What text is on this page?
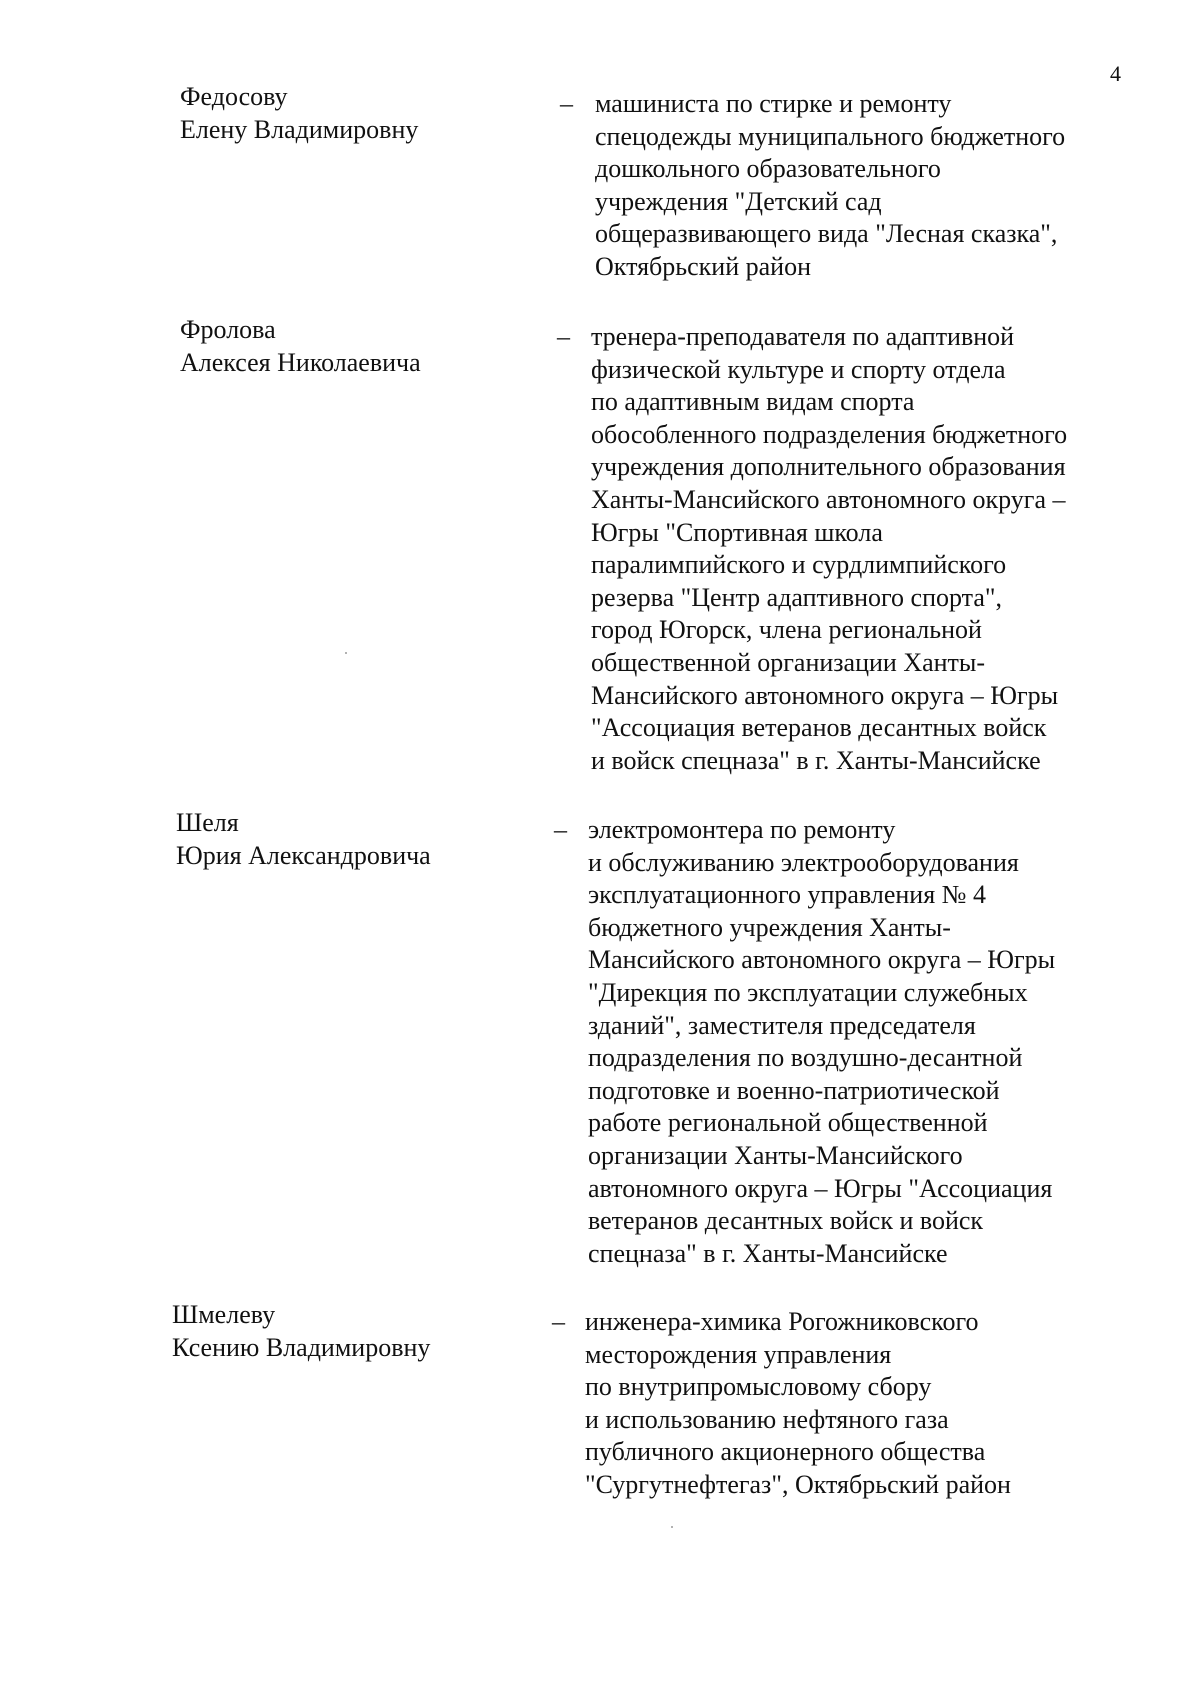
4
Федосову
Елену Владимировну
– машиниста по стирке и ремонту
спецодежды муниципального бюджетного
дошкольного образовательного
учреждения "Детский сад
общеразвивающего вида "Лесная сказка",
Октябрьский район
Фролова
Алексея Николаевича
– тренера-преподавателя по адаптивной
физической культуре и спорту отдела
по адаптивным видам спорта
обособленного подразделения бюджетного
учреждения дополнительного образования
Ханты-Мансийского автономного округа –
Югры "Спортивная школа
паралимпийского и сурдлимпийского
резерва "Центр адаптивного спорта",
город Югорск, члена региональной
общественной организации Ханты-
Мансийского автономного округа – Югры
"Ассоциация ветеранов десантных войск
и войск спецназа" в г. Ханты-Мансийске
Шеля
Юрия Александровича
– электромонтера по ремонту
и обслуживанию электрооборудования
эксплуатационного управления № 4
бюджетного учреждения Ханты-
Мансийского автономного округа – Югры
"Дирекция по эксплуатации служебных
зданий", заместителя председателя
подразделения по воздушно-десантной
подготовке и военно-патриотической
работе региональной общественной
организации Ханты-Мансийского
автономного округа – Югры "Ассоциация
ветеранов десантных войск и войск
спецназа" в г. Ханты-Мансийске
Шмелеву
Ксению Владимировну
– инженера-химика Рогожниковского
месторождения управления
по внутрипромысловому сбору
и использованию нефтяного газа
публичного акционерного общества
"Сургутнефтегаз", Октябрьский район
